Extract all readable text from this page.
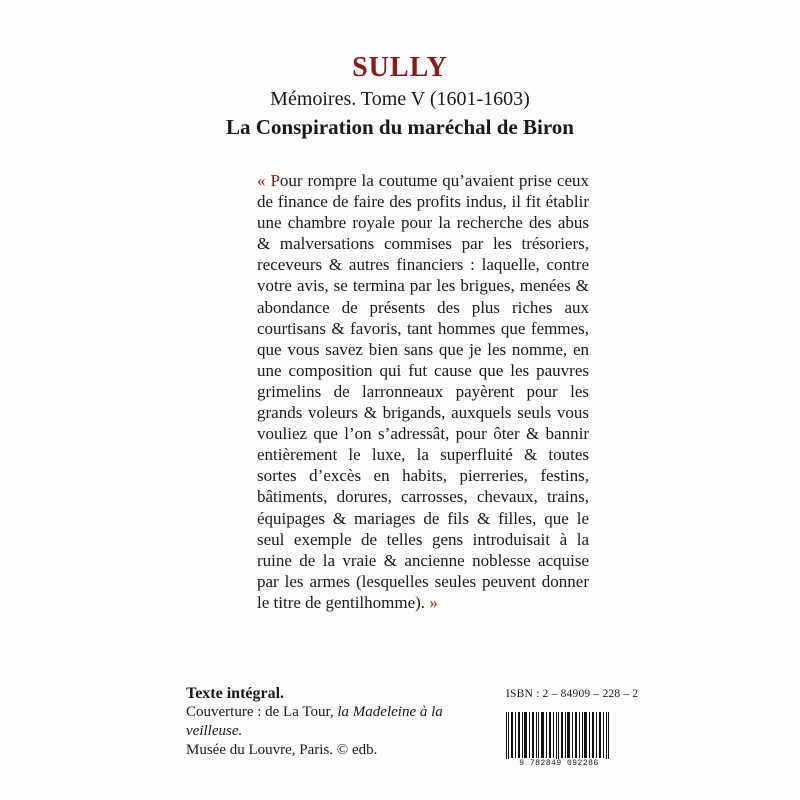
SULLY
Mémoires. Tome V (1601-1603)
La Conspiration du maréchal de Biron

« Pour rompre la coutume qu’avaient prise ceux de finance de faire des profits indus, il fit établir une chambre royale pour la recherche des abus & malversations commises par les trésoriers, receveurs & autres financiers : laquelle, contre votre avis, se termina par les brigues, menées & abondance de présents des plus riches aux courtisans & favoris, tant hommes que femmes, que vous savez bien sans que je les nomme, en une composition qui fut cause que les pauvres grimelins de larronneaux payèrent pour les grands voleurs & brigands, auxquels seuls vous vouliez que l’on s’adressât, pour ôter & bannir entièrement le luxe, la superfluité & toutes sortes d’excès en habits, pierreries, festins, bâtiments, dorures, carrosses, chevaux, trains, équipages & mariages de fils & filles, que le seul exemple de telles gens introduisait à la ruine de la vraie & ancienne noblesse acquise par les armes (lesquelles seules peuvent donner le titre de gentilhomme). »

Texte intégral.
Couverture : de La Tour, la Madeleine à la veilleuse.
Musée du Louvre, Paris. © edb.
ISBN : 2 – 84909 – 228 – 2
9 782849 092286
